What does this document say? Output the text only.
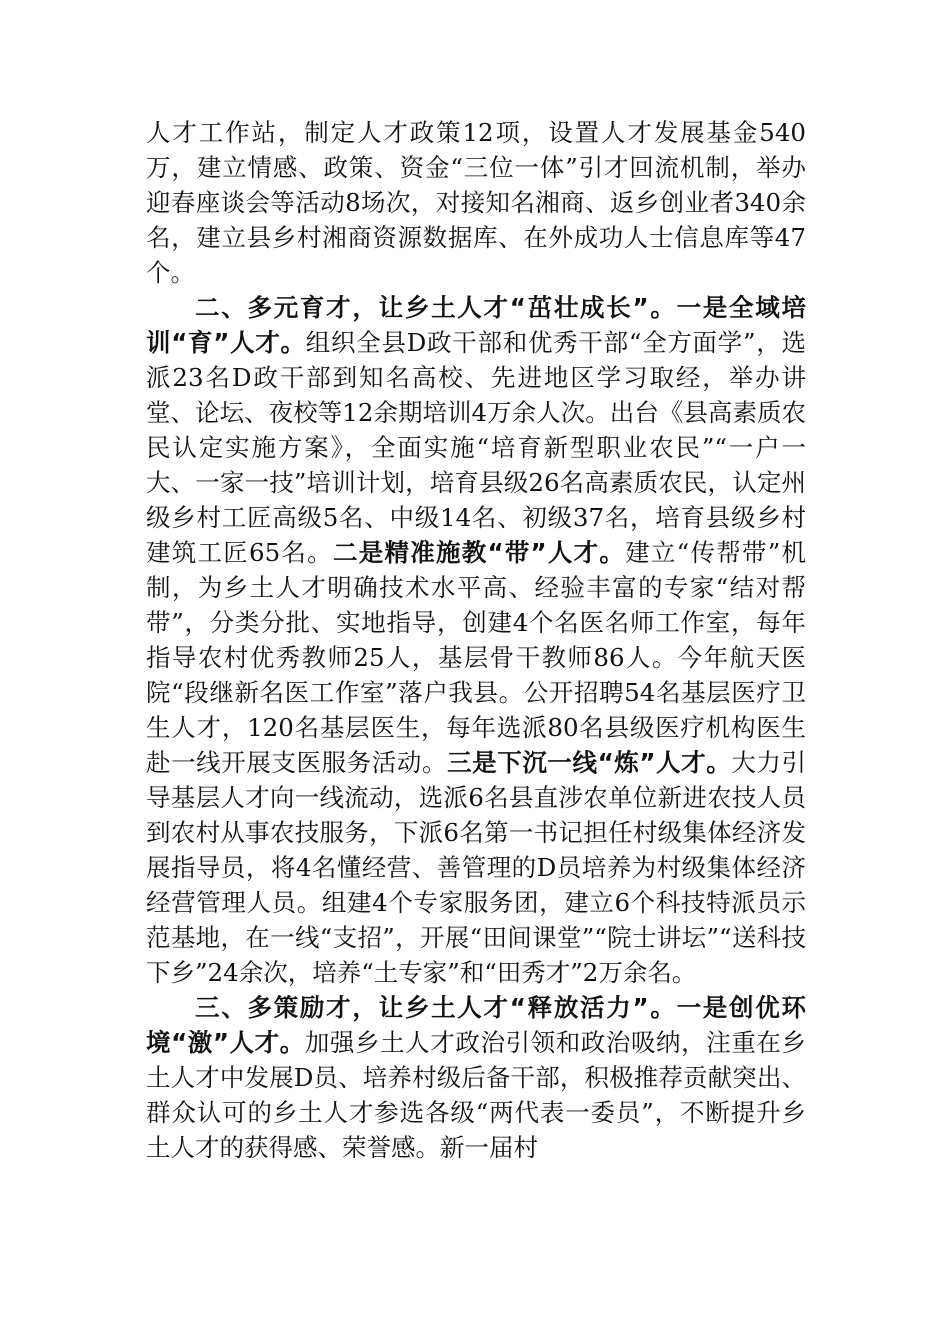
人才工作站，制定人才政策12项，设置人才发展基金540万，建立情感、政策、资金“三位一体”引才回流机制，举办迎春座谈会等活动8场次，对接知名湘商、返乡创业者340余名，建立县乡村湘商资源数据库、在外成功人士信息库等47个。

二、多元育才，让乡土人才“茁壮成长”。一是全域培训“育”人才。组织全县D政干部和优秀干部“全方面学”，选派23名D政干部到知名高校、先进地区学习取经，举办讲堂、论坛、夜校等12余期培训4万余人次。出台《县高素质农民认定实施方案》，全面实施“培育新型职业农民”“一户一大、一家一技”培训计划，培育县级26名高素质农民，认定州级乡村工匠高级5名、中级14名、初级37名，培育县级乡村建筑工匠65名。二是精准施教“带”人才。建立“传帮带”机制，为乡土人才明确技术水平高、经验丰富的专家“结对帮带”，分类分批、实地指导，创建4个名医名师工作室，每年指导农村优秀教师25人，基层骨干教师86人。今年航天医院“段继新名医工作室”落户我县。公开招聘54名基层医疗卫生人才，120名基层医生，每年选派80名县级医疗机构医生赴一线开展支医服务活动。三是下沉一线“炼”人才。大力引导基层人才向一线流动，选派6名县直涉农单位新进农技人员到农村从事农技服务，下派6名第一书记担任村级集体经济发展指导员，将4名懂经营、善管理的D员培养为村级集体经济经营管理人员。组建4个专家服务团，建立6个科技特派员示范基地，在一线“支招”，开展“田间课堂”“院士讲坛”“送科技下乡”24余次，培养“土专家”和“田秀才”2万余名。

三、多策励才，让乡土人才“释放活力”。一是创优环境“激”人才。加强乡土人才政治引领和政治吸纳，注重在乡土人才中发展D员、培养村级后备干部，积极推荐贡献突出、群众认可的乡土人才参选各级“两代表一委员”，不断提升乡土人才的获得感、荣誉感。新一届村
